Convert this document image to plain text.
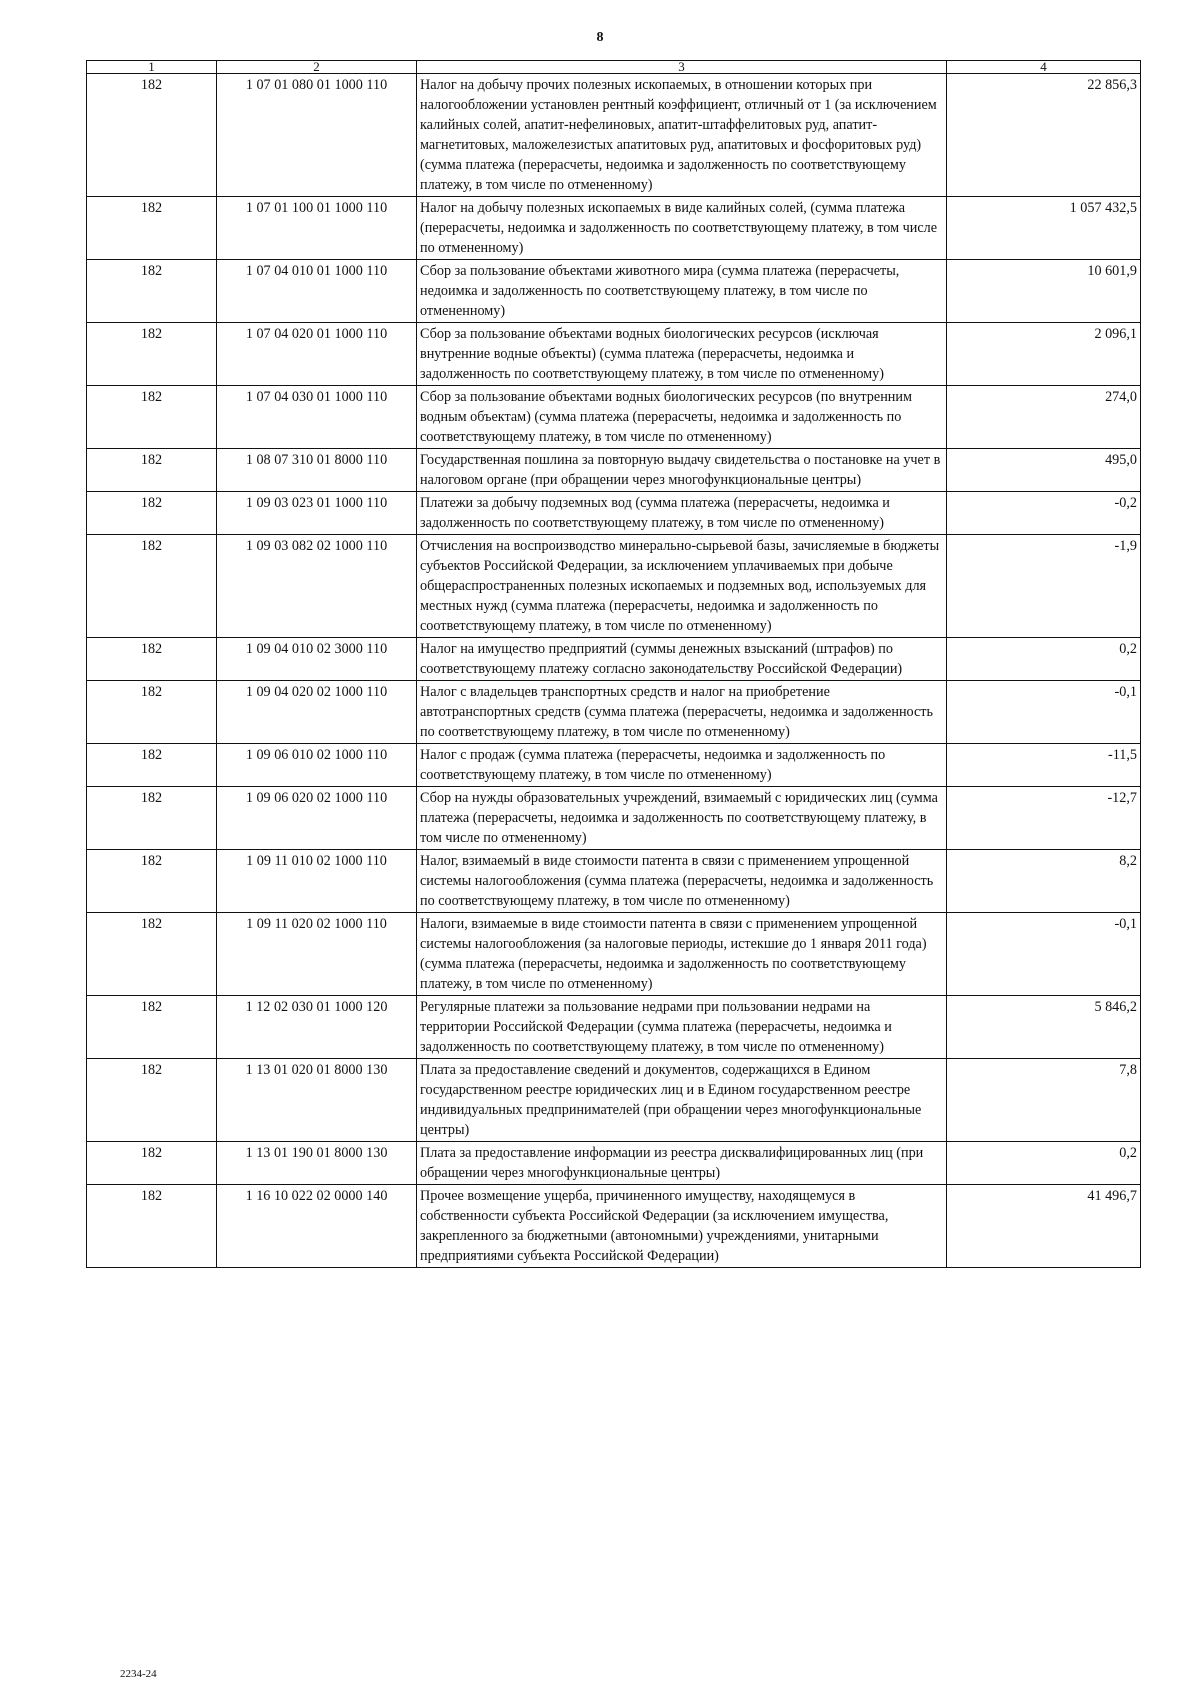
8
1	2	3	4
182	1 07 01 080 01 1000 110	Налог на добычу прочих полезных ископаемых, в отношении которых при налогообложении установлен рентный коэффициент, отличный от 1 (за исключением калийных солей, апатит-нефелиновых, апатит-штаффелитовых руд, апатит-магнетитовых, маложелезистых апатитовых руд, апатитовых и фосфоритовых руд) (сумма платежа (перерасчеты, недоимка и задолженность по соответствующему платежу, в том числе по отмененному)	22 856,3
182	1 07 01 100 01 1000 110	Налог на добычу полезных ископаемых в виде калийных солей, (сумма платежа (перерасчеты, недоимка и задолженность по соответствующему платежу, в том числе по отмененному)	1 057 432,5
182	1 07 04 010 01 1000 110	Сбор за пользование объектами животного мира (сумма платежа (перерасчеты, недоимка и задолженность по соответствующему платежу, в том числе по отмененному)	10 601,9
182	1 07 04 020 01 1000 110	Сбор за пользование объектами водных биологических ресурсов (исключая внутренние водные объекты) (сумма платежа (перерасчеты, недоимка и задолженность по соответствующему платежу, в том числе по отмененному)	2 096,1
182	1 07 04 030 01 1000 110	Сбор за пользование объектами водных биологических ресурсов (по внутренним водным объектам) (сумма платежа (перерасчеты, недоимка и задолженность по соответствующему платежу, в том числе по отмененному)	274,0
182	1 08 07 310 01 8000 110	Государственная пошлина за повторную выдачу свидетельства о постановке на учет в налоговом органе (при обращении через многофункциональные центры)	495,0
182	1 09 03 023 01 1000 110	Платежи за добычу подземных вод (сумма платежа (перерасчеты, недоимка и задолженность по соответствующему платежу, в том числе по отмененному)	-0,2
182	1 09 03 082 02 1000 110	Отчисления на воспроизводство минерально-сырьевой базы, зачисляемые в бюджеты субъектов Российской Федерации, за исключением уплачиваемых при добыче общераспространенных полезных ископаемых и подземных вод, используемых для местных нужд (сумма платежа (перерасчеты, недоимка и задолженность по соответствующему платежу, в том числе по отмененному)	-1,9
182	1 09 04 010 02 3000 110	Налог на имущество предприятий (суммы денежных взысканий (штрафов) по соответствующему платежу согласно законодательству Российской Федерации)	0,2
182	1 09 04 020 02 1000 110	Налог с владельцев транспортных средств и налог на приобретение автотранспортных средств (сумма платежа (перерасчеты, недоимка и задолженность по соответствующему платежу, в том числе по отмененному)	-0,1
182	1 09 06 010 02 1000 110	Налог с продаж (сумма платежа (перерасчеты, недоимка и задолженность по соответствующему платежу, в том числе по отмененному)	-11,5
182	1 09 06 020 02 1000 110	Сбор на нужды образовательных учреждений, взимаемый с юридических лиц (сумма платежа (перерасчеты, недоимка и задолженность по соответствующему платежу, в том числе по отмененному)	-12,7
182	1 09 11 010 02 1000 110	Налог, взимаемый в виде стоимости патента в связи с применением упрощенной системы налогообложения (сумма платежа (перерасчеты, недоимка и задолженность по соответствующему платежу, в том числе по отмененному)	8,2
182	1 09 11 020 02 1000 110	Налоги, взимаемые в виде стоимости патента в связи с применением упрощенной системы налогообложения (за налоговые периоды, истекшие до 1 января 2011 года) (сумма платежа (перерасчеты, недоимка и задолженность по соответствующему платежу, в том числе по отмененному)	-0,1
182	1 12 02 030 01 1000 120	Регулярные платежи за пользование недрами при пользовании недрами на территории Российской Федерации (сумма платежа (перерасчеты, недоимка и задолженность по соответствующему платежу, в том числе по отмененному)	5 846,2
182	1 13 01 020 01 8000 130	Плата за предоставление сведений и документов, содержащихся в Едином государственном реестре юридических лиц и в Едином государственном реестре индивидуальных предпринимателей (при обращении через многофункциональные центры)	7,8
182	1 13 01 190 01 8000 130	Плата за предоставление информации из реестра дисквалифицированных лиц (при обращении через многофункциональные центры)	0,2
182	1 16 10 022 02 0000 140	Прочее возмещение ущерба, причиненного имуществу, находящемуся в собственности субъекта Российской Федерации (за исключением имущества, закрепленного за бюджетными (автономными) учреждениями, унитарными предприятиями субъекта Российской Федерации)	41 496,7
2234-24
